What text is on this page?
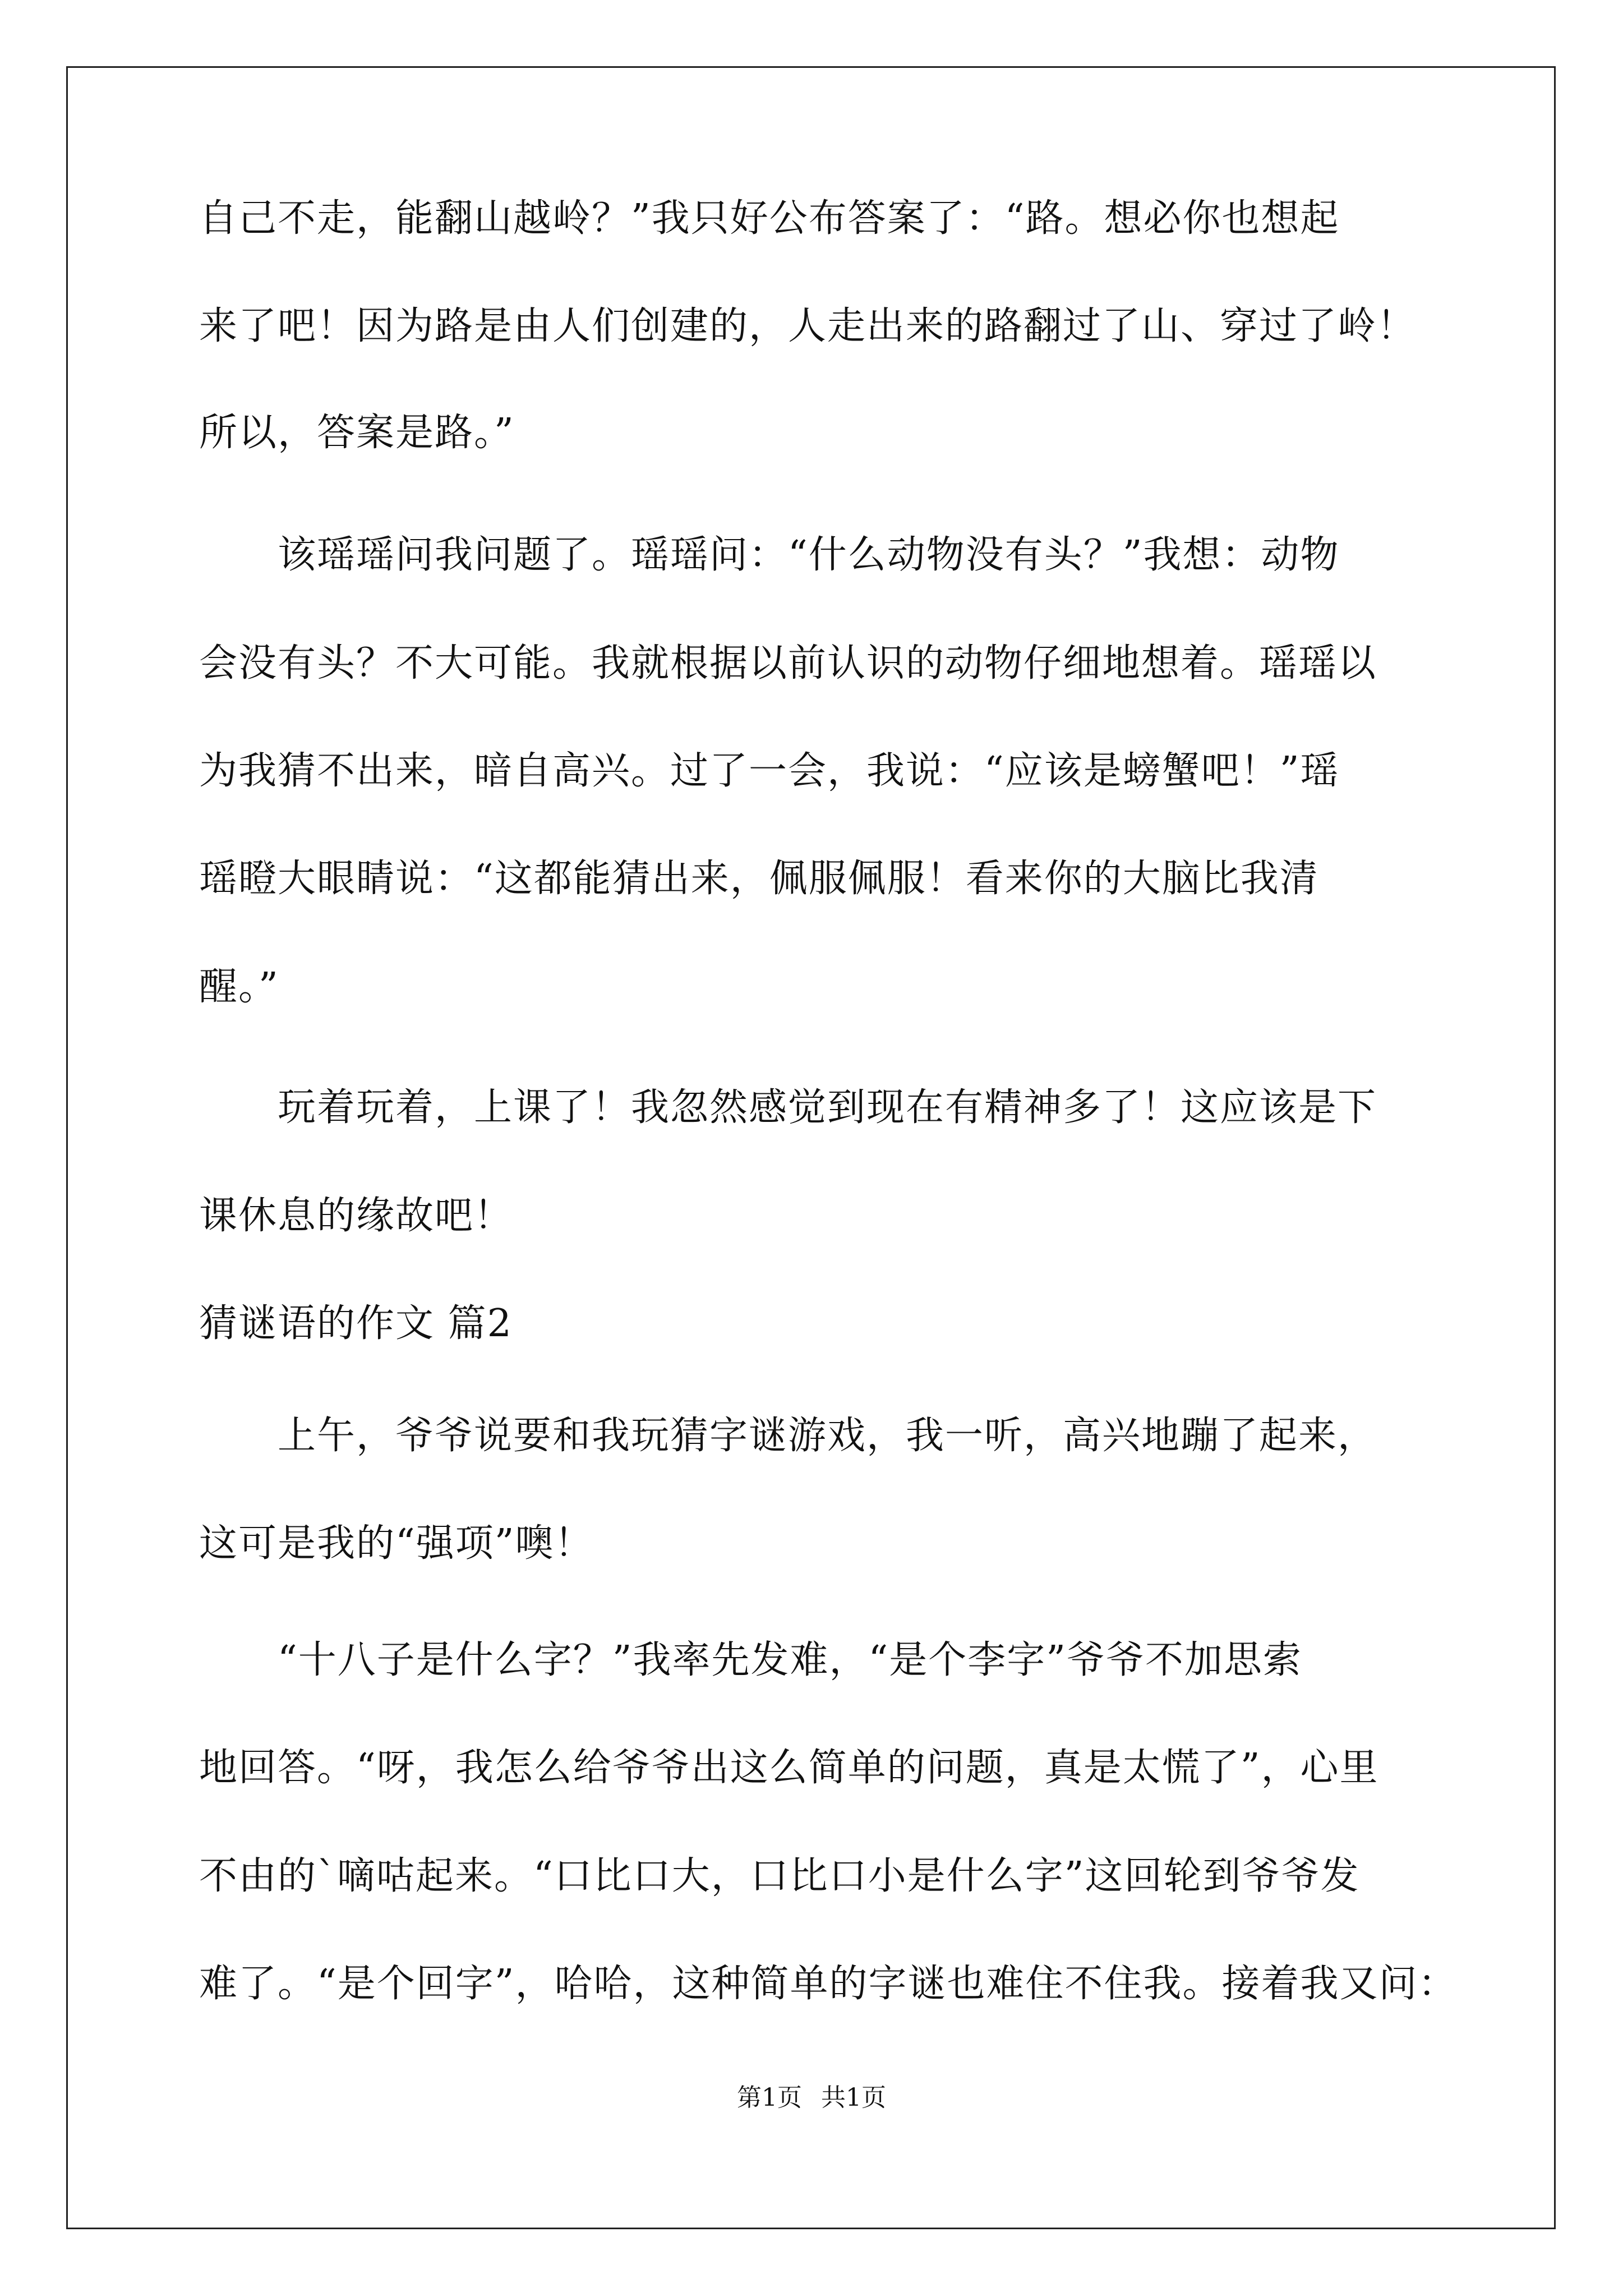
自己不走，能翻山越岭？”我只好公布答案了：“路。想必你也想起
来了吧！因为路是由人们创建的，人走出来的路翻过了山、穿过了岭！
所以，答案是路。”
　　该瑶瑶问我问题了。瑶瑶问：“什么动物没有头？”我想：动物
会没有头？不大可能。我就根据以前认识的动物仔细地想着。瑶瑶以
为我猜不出来，暗自高兴。过了一会，我说：“应该是螃蟹吧！”瑶
瑶瞪大眼睛说：“这都能猜出来，佩服佩服！看来你的大脑比我清
醒。”
　　玩着玩着，上课了！我忽然感觉到现在有精神多了！这应该是下
课休息的缘故吧！
猜谜语的作文 篇2
　　上午，爷爷说要和我玩猜字谜游戏，我一听，高兴地蹦了起来，
这可是我的“强项”噢！
　　“十八子是什么字？”我率先发难，“是个李字”爷爷不加思索
地回答。“呀，我怎么给爷爷出这么简单的问题，真是太慌了”，心里
不由的`嘀咕起来。“口比口大，口比口小是什么字”这回轮到爷爷发
难了。“是个回字”，哈哈，这种简单的字谜也难住不住我。接着我又问：
第1页 共1页
